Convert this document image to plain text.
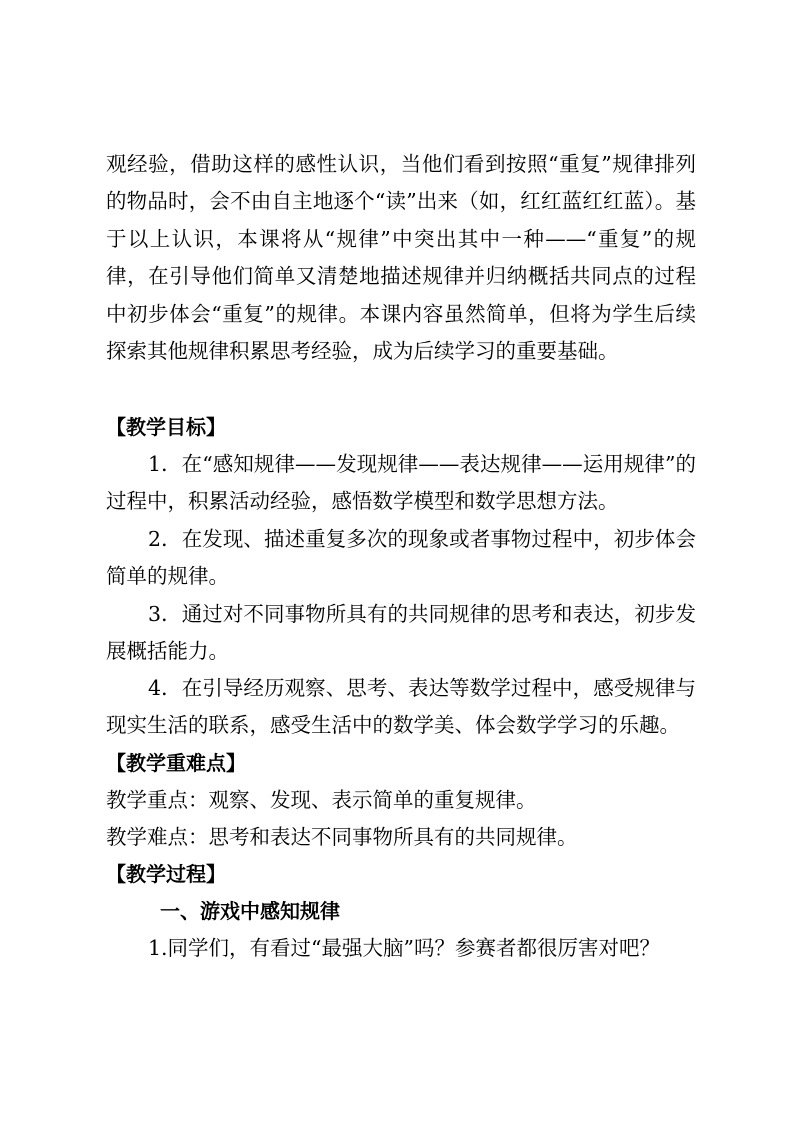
观经验，借助这样的感性认识，当他们看到按照“重复”规律排列的物品时，会不由自主地逐个“读”出来（如，红红蓝红红蓝）。基于以上认识，本课将从“规律”中突出其中一种——“重复”的规律，在引导他们简单又清楚地描述规律并归纳概括共同点的过程中初步体会“重复”的规律。本课内容虽然简单，但将为学生后续探索其他规律积累思考经验，成为后续学习的重要基础。

【教学目标】

1．在“感知规律——发现规律——表达规律——运用规律”的过程中，积累活动经验，感悟数学模型和数学思想方法。

2．在发现、描述重复多次的现象或者事物过程中，初步体会简单的规律。

3．通过对不同事物所具有的共同规律的思考和表达，初步发展概括能力。

4．在引导经历观察、思考、表达等数学过程中，感受规律与现实生活的联系，感受生活中的数学美、体会数学学习的乐趣。

【教学重难点】

教学重点：观察、发现、表示简单的重复规律。

教学难点：思考和表达不同事物所具有的共同规律。

【教学过程】

一、游戏中感知规律

1.同学们，有看过“最强大脑”吗？参赛者都很厉害对吧？
